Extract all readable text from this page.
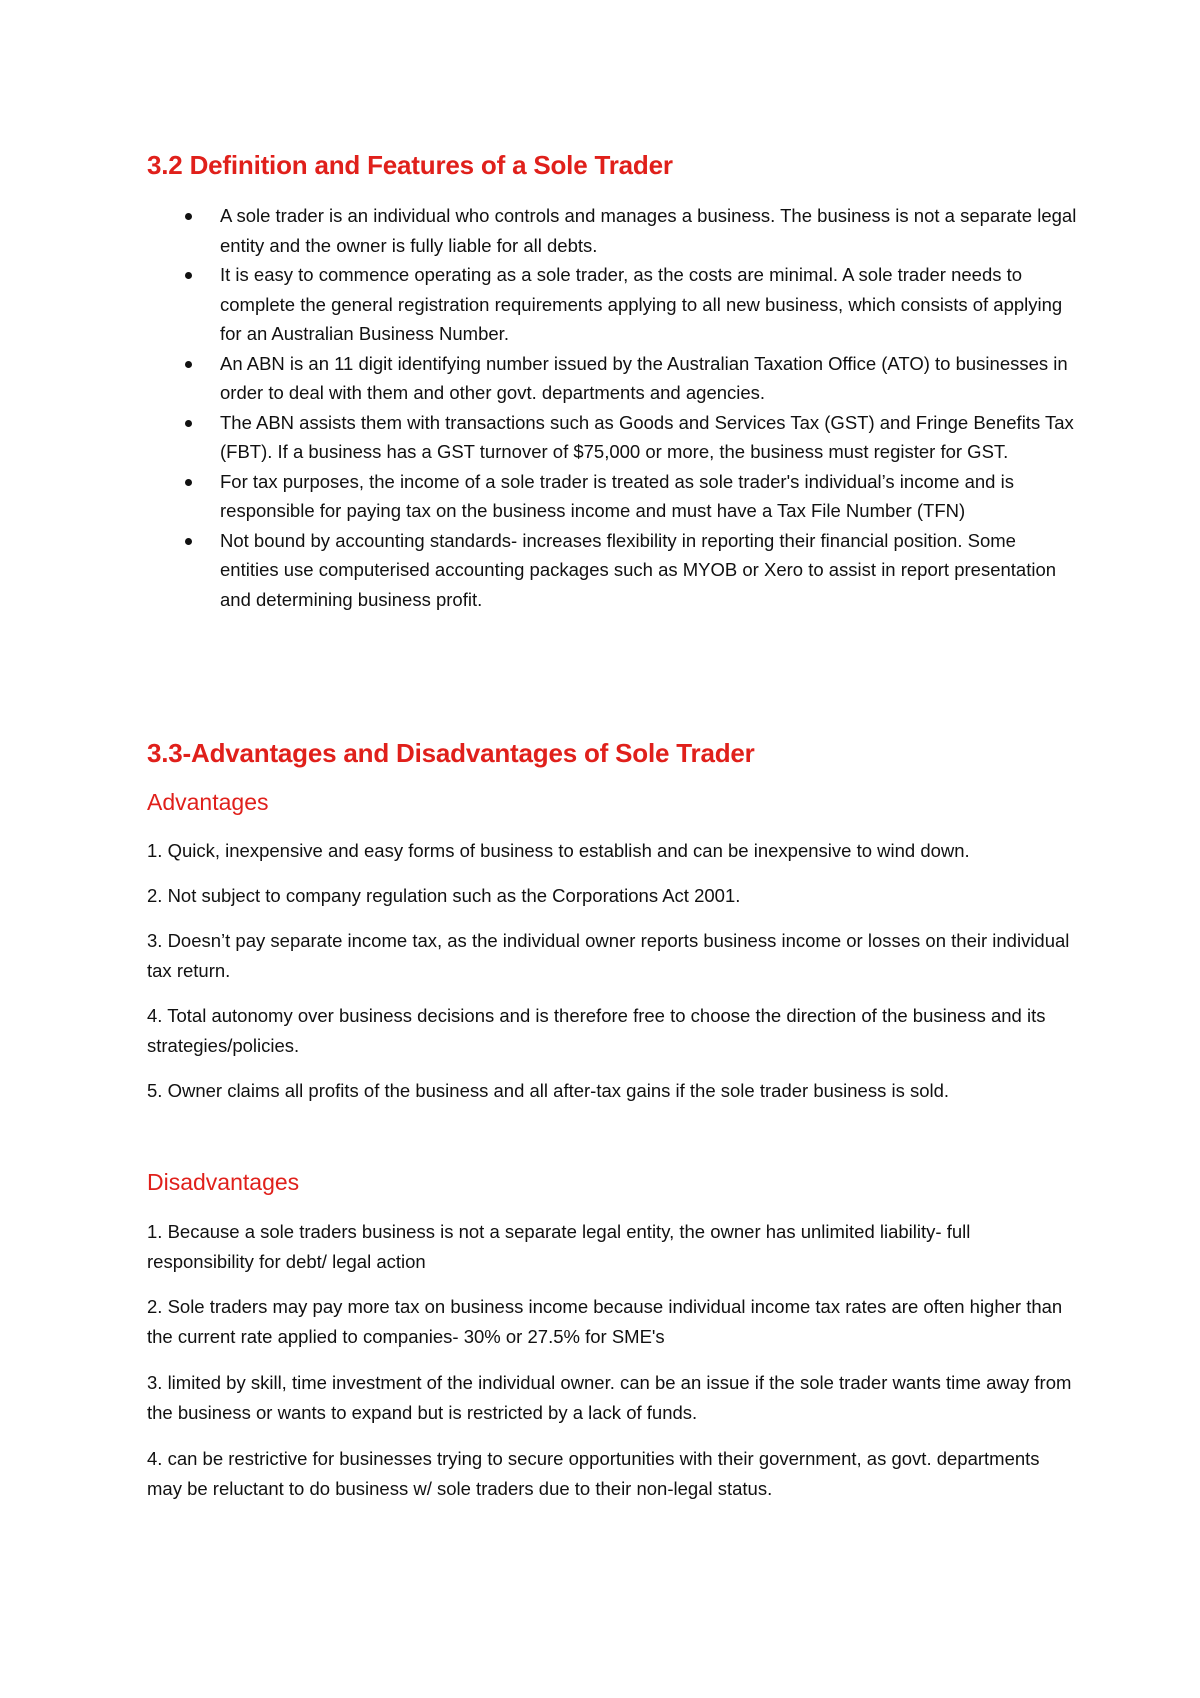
3.2 Definition and Features of a Sole Trader
A sole trader is an individual who controls and manages a business. The business is not a separate legal entity and the owner is fully liable for all debts.
It is easy to commence operating as a sole trader, as the costs are minimal. A sole trader needs to complete the general registration requirements applying to all new business, which consists of applying for an Australian Business Number.
An ABN is an 11 digit identifying number issued by the Australian Taxation Office (ATO) to businesses in order to deal with them and other govt. departments and agencies.
The ABN assists them with transactions such as Goods and Services Tax (GST) and Fringe Benefits Tax (FBT). If a business has a GST turnover of $75,000 or more, the business must register for GST.
For tax purposes, the income of a sole trader is treated as sole trader's individual’s income and is responsible for paying tax on the business income and must have a Tax File Number (TFN)
Not bound by accounting standards- increases flexibility in reporting their financial position. Some entities use computerised accounting packages such as MYOB or Xero to assist in report presentation and determining business profit.
3.3-Advantages and Disadvantages of Sole Trader
Advantages

1. Quick, inexpensive and easy forms of business to establish and can be inexpensive to wind down.

2. Not subject to company regulation such as the Corporations Act 2001.

3. Doesn’t pay separate income tax, as the individual owner reports business income or losses on their individual tax return.

4. Total autonomy over business decisions and is therefore free to choose the direction of the business and its strategies/policies.

5. Owner claims all profits of the business and all after-tax gains if the sole trader business is sold.

Disadvantages

1. Because a sole traders business is not a separate legal entity, the owner has unlimited liability- full responsibility for debt/ legal action

2. Sole traders may pay more tax on business income because individual income tax rates are often higher than the current rate applied to companies- 30% or 27.5% for SME's

3. limited by skill, time investment of the individual owner. can be an issue if the sole trader wants time away from the business or wants to expand but is restricted by a lack of funds.

4. can be restrictive for businesses trying to secure opportunities with their government, as govt. departments may be reluctant to do business w/ sole traders due to their non-legal status.
